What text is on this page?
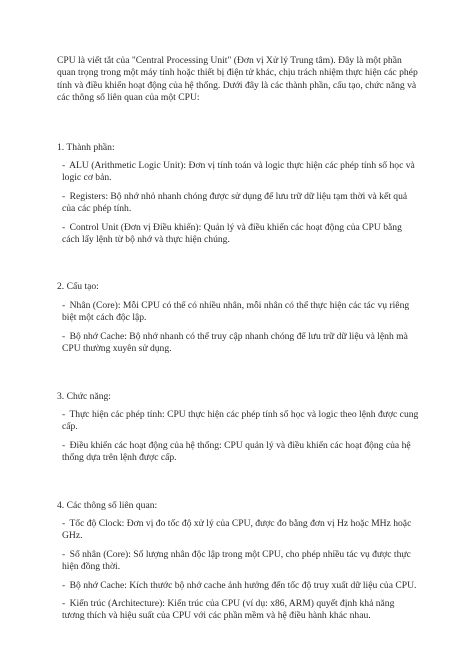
CPU là viết tắt của "Central Processing Unit" (Đơn vị Xử lý Trung tâm). Đây là một phần quan trọng trong một máy tính hoặc thiết bị điện tử khác, chịu trách nhiệm thực hiện các phép tính và điều khiển hoạt động của hệ thống. Dưới đây là các thành phần, cấu tạo, chức năng và các thông số liên quan của một CPU:

1. Thành phần:

- ALU (Arithmetic Logic Unit): Đơn vị tính toán và logic thực hiện các phép tính số học và logic cơ bản.

- Registers: Bộ nhớ nhỏ nhanh chóng được sử dụng để lưu trữ dữ liệu tạm thời và kết quả của các phép tính.

- Control Unit (Đơn vị Điều khiển): Quản lý và điều khiển các hoạt động của CPU bằng cách lấy lệnh từ bộ nhớ và thực hiện chúng.

2. Cấu tạo:

- Nhân (Core): Mỗi CPU có thể có nhiều nhân, mỗi nhân có thể thực hiện các tác vụ riêng biệt một cách độc lập.

- Bộ nhớ Cache: Bộ nhớ nhanh có thể truy cập nhanh chóng để lưu trữ dữ liệu và lệnh mà CPU thường xuyên sử dụng.

3. Chức năng:

- Thực hiện các phép tính: CPU thực hiện các phép tính số học và logic theo lệnh được cung cấp.

- Điều khiển các hoạt động của hệ thống: CPU quản lý và điều khiển các hoạt động của hệ thống dựa trên lệnh được cấp.

4. Các thông số liên quan:

- Tốc độ Clock: Đơn vị đo tốc độ xử lý của CPU, được đo bằng đơn vị Hz hoặc MHz hoặc GHz.

- Số nhân (Core): Số lượng nhân độc lập trong một CPU, cho phép nhiều tác vụ được thực hiện đồng thời.

- Bộ nhớ Cache: Kích thước bộ nhớ cache ảnh hưởng đến tốc độ truy xuất dữ liệu của CPU.

- Kiến trúc (Architecture): Kiến trúc của CPU (ví dụ: x86, ARM) quyết định khả năng tương thích và hiệu suất của CPU với các phần mềm và hệ điều hành khác nhau.
